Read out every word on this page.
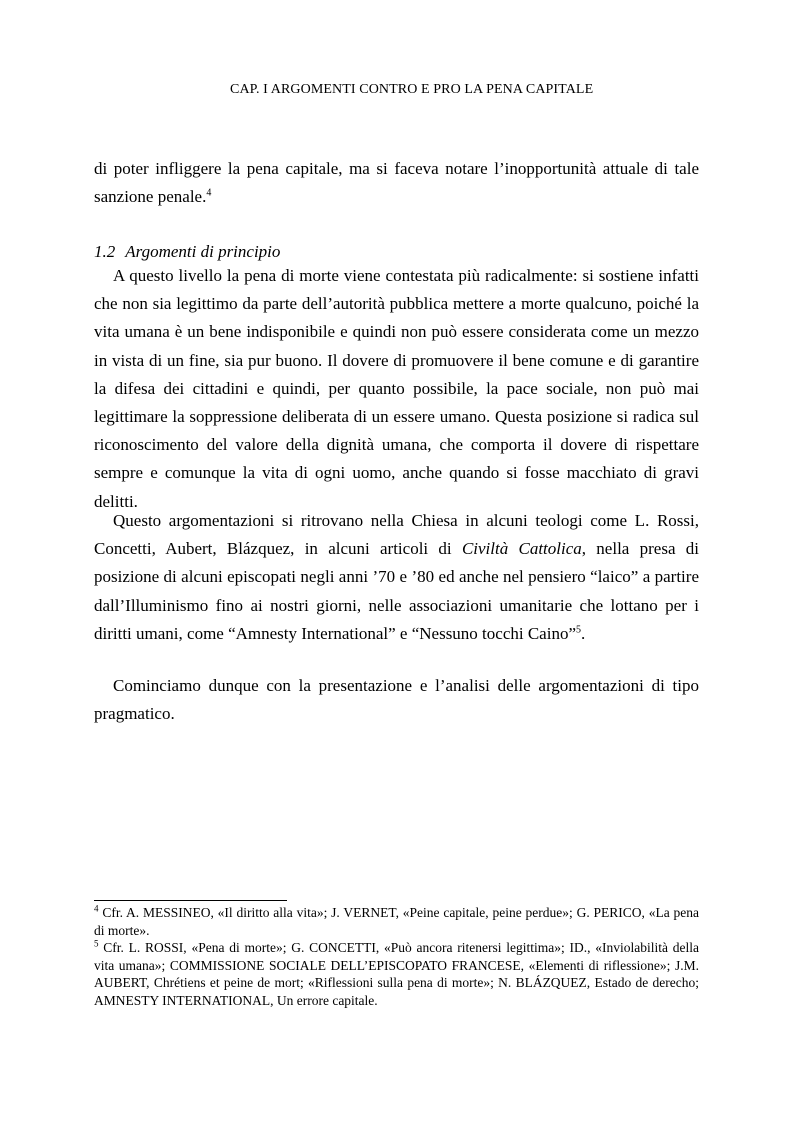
CAP. I ARGOMENTI CONTRO E PRO LA PENA CAPITALE
di poter infliggere la pena capitale, ma si faceva notare l’inopportunità attuale di tale sanzione penale.$^4$
1.2 Argomenti di principio
A questo livello la pena di morte viene contestata più radicalmente: si sostiene infatti che non sia legittimo da parte dell’autorità pubblica mettere a morte qualcuno, poiché la vita umana è un bene indisponibile e quindi non può essere considerata come un mezzo in vista di un fine, sia pur buono. Il dovere di promuovere il bene comune e di garantire la difesa dei cittadini e quindi, per quanto possibile, la pace sociale, non può mai legittimare la soppressione deliberata di un essere umano. Questa posizione si radica sul riconoscimento del valore della dignità umana, che comporta il dovere di rispettare sempre e comunque la vita di ogni uomo, anche quando si fosse macchiato di gravi delitti.
Questo argomentazioni si ritrovano nella Chiesa in alcuni teologi come L. Rossi, Concetti, Aubert, Blázquez, in alcuni articoli di Civiltà Cattolica, nella presa di posizione di alcuni episcopati negli anni ’70 e ’80 ed anche nel pensiero “laico” a partire dall’Illuminismo fino ai nostri giorni, nelle associazioni umanitarie che lottano per i diritti umani, come “Amnesty International” e “Nessuno tocchi Caino”$^5$.
Cominciamo dunque con la presentazione e l’analisi delle argomentazioni di tipo pragmatico.
$^4$ Cfr. A. MESSINEO, «Il diritto alla vita»; J. VERNET, «Peine capitale, peine perdue»; G. PERICO, «La pena di morte».
$^5$ Cfr. L. ROSSI, «Pena di morte»; G. CONCETTI, «Può ancora ritenersi legittima»; ID., «Inviolabilità della vita umana»; COMMISSIONE SOCIALE DELL’EPISCOPATO FRANCESE, «Elementi di riflessione»; J.M. AUBERT, Chrétiens et peine de mort; «Riflessioni sulla pena di morte»; N. BLÁZQUEZ, Estado de derecho; AMNESTY INTERNATIONAL, Un errore capitale.
